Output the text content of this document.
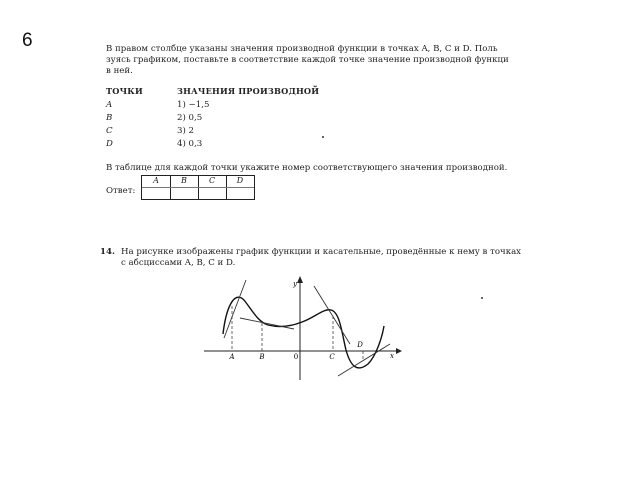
6	В правом столбце указаны значения производной функции в точках A, B, C и D. Поль
зуясь графиком, поставьте в соответствие каждой точке значение производной функци
в ней.
ТОЧКИ	ЗНАЧЕНИЯ ПРОИЗВОДНОЙ
A	1) −1,5
B	2) 0,5
C	3) 2
D	4) 0,3
В таблице для каждой точки укажите номер соответствующего значения производной.
Ответ:
A	B	C	D
14. На рисунке изображены график функции и касательные, проведённые к нему в точках
с абсциссами A, B, C и D.
A	B	0	C
D
y
x
